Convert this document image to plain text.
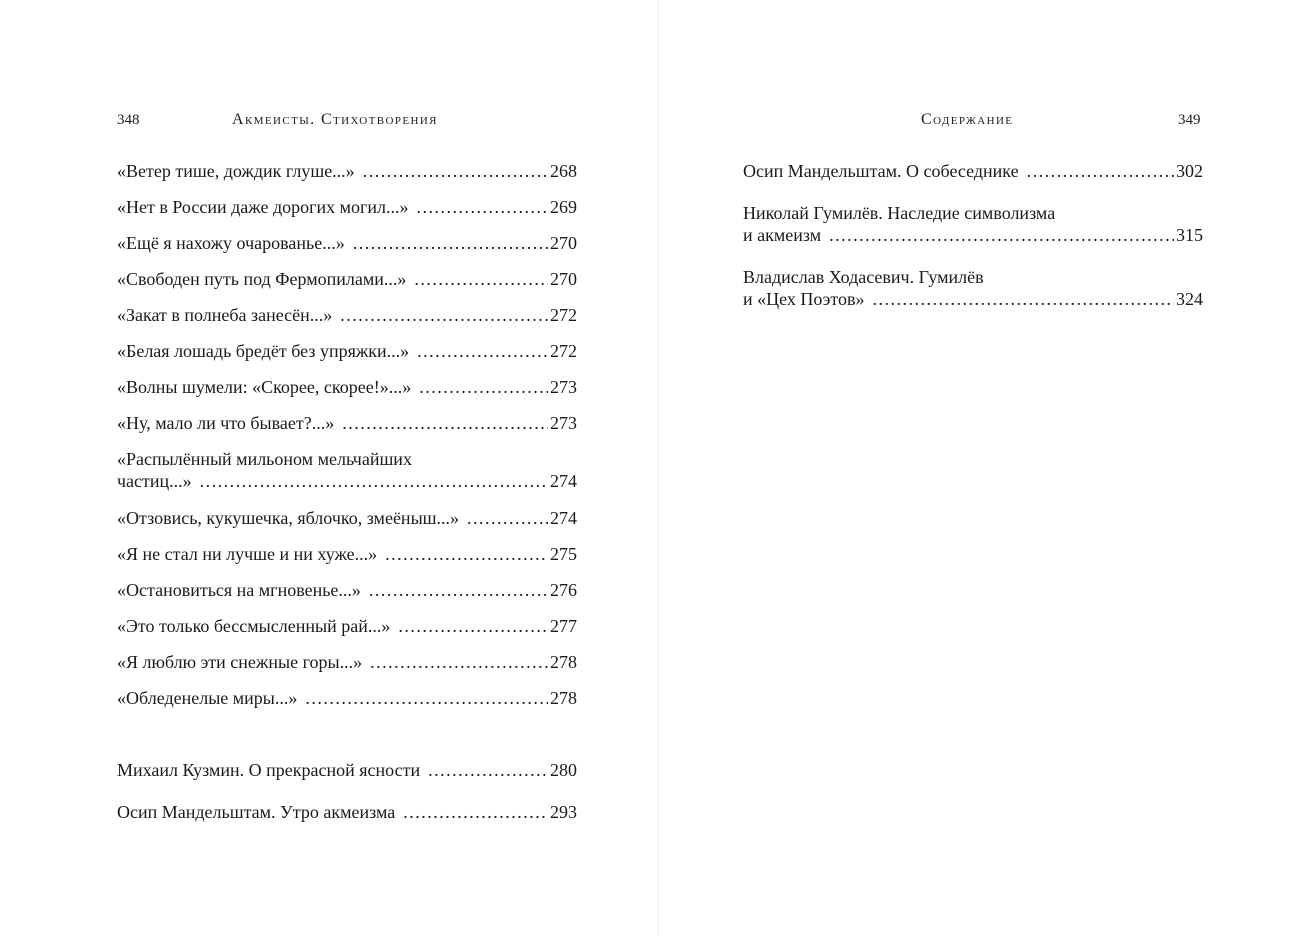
348	Акмеисты. Стихотворения
«Ветер тише, дождик глуше...» . . .	268
«Нет в России даже дорогих могил...» . . .	269
«Ещё я нахожу очарованье...» . . .	270
«Свободен путь под Фермопилами...» . . .	270
«Закат в полнеба занесён...» . . .	272
«Белая лошадь бредёт без упряжки...» . . .	272
«Волны шумели: «Скорее, скорее!»...» . . .	273
«Ну, мало ли что бывает?...» . . .	273
«Распылённый мильоном мельчайших
частиц...» . . .	274
«Отзовись, кукушечка, яблочко, змеёныш...» . . .	274
«Я не стал ни лучше и ни хуже...» . . .	275
«Остановиться на мгновенье...» . . .	276
«Это только бессмысленный рай...» . . .	277
«Я люблю эти снежные горы...» . . .	278
«Обледенелые миры...» . . .	278
Михаил Кузмин. О прекрасной ясности . . .	280
Осип Мандельштам. Утро акмеизма . . .	293
Содержание	349
Осип Мандельштам. О собеседнике . . .	302
Николай Гумилёв. Наследие символизма
и акмеизм . . .	315
Владислав Ходасевич. Гумилёв
и «Цех Поэтов» . . .	324
